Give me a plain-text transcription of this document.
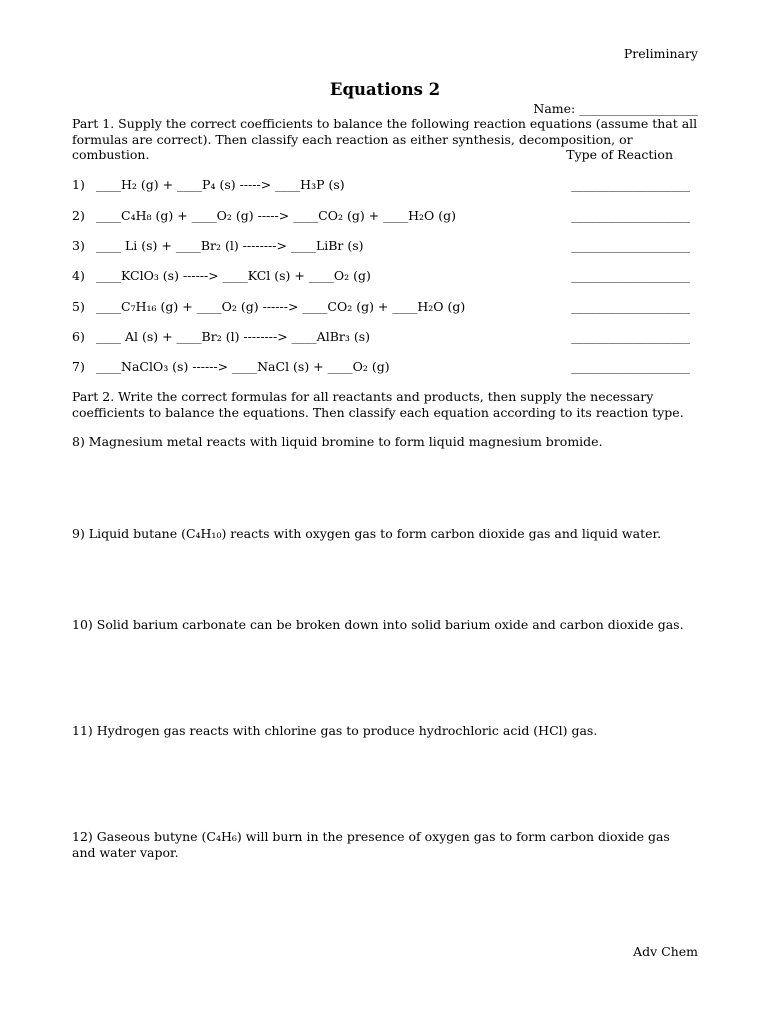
Preliminary
Equations 2
Name: ___________________
Part 1. Supply the correct coefficients to balance the following reaction equations (assume that all formulas are correct). Then classify each reaction as either synthesis, decomposition, or combustion.	Type of Reaction
1) ____H₂ (g) + ____P₄ (s) -----> ____H₃P (s)	___________________
2) ____C₄H₈ (g) + ____O₂ (g) -----> ____CO₂ (g) + ____H₂O (g)	___________________
3) ____ Li (s) + ____Br₂ (l) --------> ____LiBr (s)	___________________
4) ____KClO₃ (s) ------> ____KCl (s) + ____O₂ (g)	___________________
5) ____C₇H₁₆ (g) + ____O₂ (g) ------> ____CO₂ (g) + ____H₂O (g)	___________________
6) ____ Al (s) + ____Br₂ (l) --------> ____AlBr₃ (s)	___________________
7) ____NaClO₃ (s) ------> ____NaCl (s) + ____O₂ (g)	___________________
Part 2. Write the correct formulas for all reactants and products, then supply the necessary coefficients to balance the equations. Then classify each equation according to its reaction type.
8) Magnesium metal reacts with liquid bromine to form liquid magnesium bromide.
9) Liquid butane (C₄H₁₀) reacts with oxygen gas to form carbon dioxide gas and liquid water.
10) Solid barium carbonate can be broken down into solid barium oxide and carbon dioxide gas.
11) Hydrogen gas reacts with chlorine gas to produce hydrochloric acid (HCl) gas.
12) Gaseous butyne (C₄H₆) will burn in the presence of oxygen gas to form carbon dioxide gas and water vapor.
Adv Chem
